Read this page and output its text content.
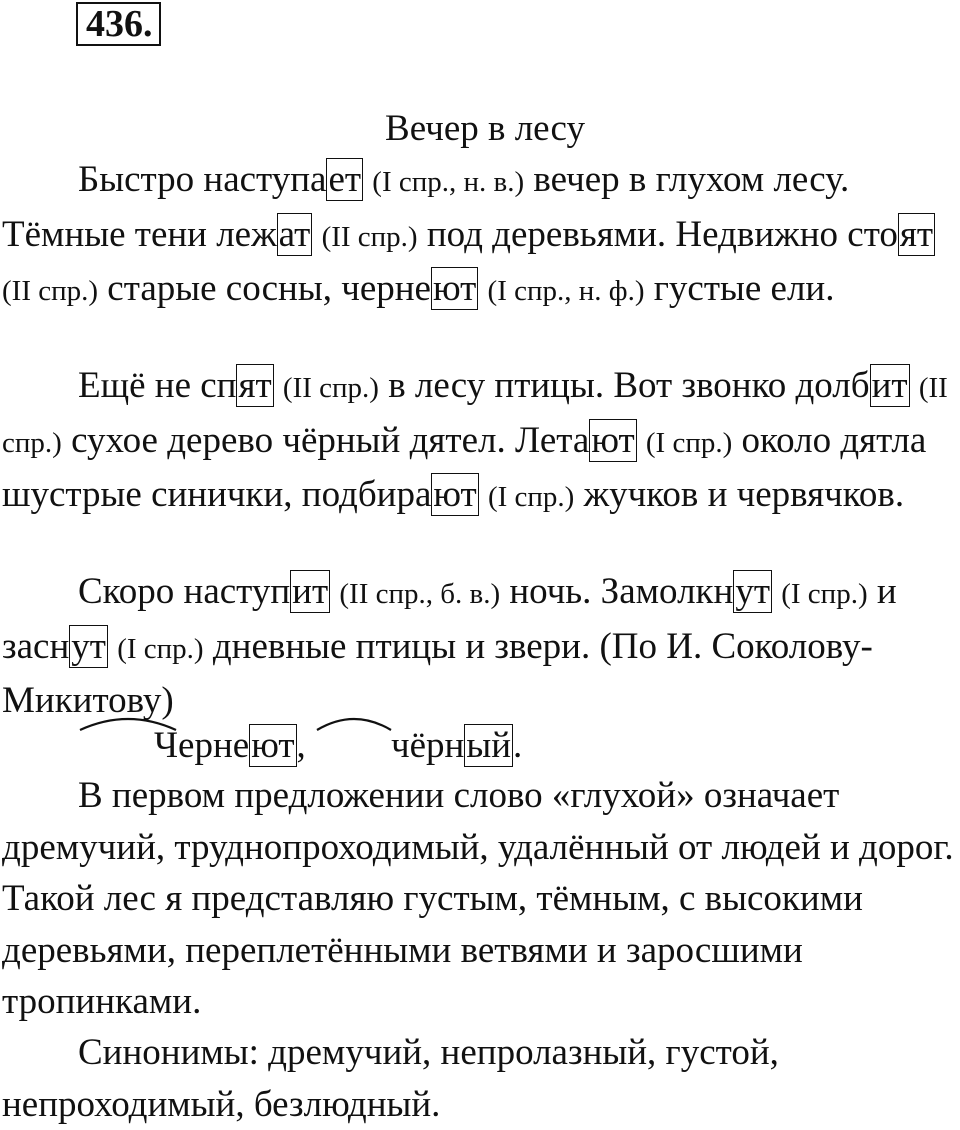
436.
Вечер в лесу

Быстро наступает (I спр., н. в.) вечер в глухом лесу. Тёмные тени лежат (II спр.) под деревьями. Недвижно стоят (II спр.) старые сосны, чернеют (I спр., н. ф.) густые ели.

Ещё не спят (II спр.) в лесу птицы. Вот звонко долбит (II спр.) сухое дерево чёрный дятел. Летают (I спр.) около дятла шустрые синички, подбирают (I спр.) жучков и червячков.

Скоро наступит (II спр., б. в.) ночь. Замолкнут (I спр.) и заснут (I спр.) дневные птицы и звери. (По И. Соколову-Микитову)

Чернеют,
чёрный.

В первом предложении слово «глухой» означает дремучий, труднопроходимый, удалённый от людей и дорог. Такой лес я представляю густым, тёмным, с высокими деревьями, переплетёнными ветвями и заросшими тропинками.

Синонимы: дремучий, непролазный, густой, непроходимый, безлюдный.
